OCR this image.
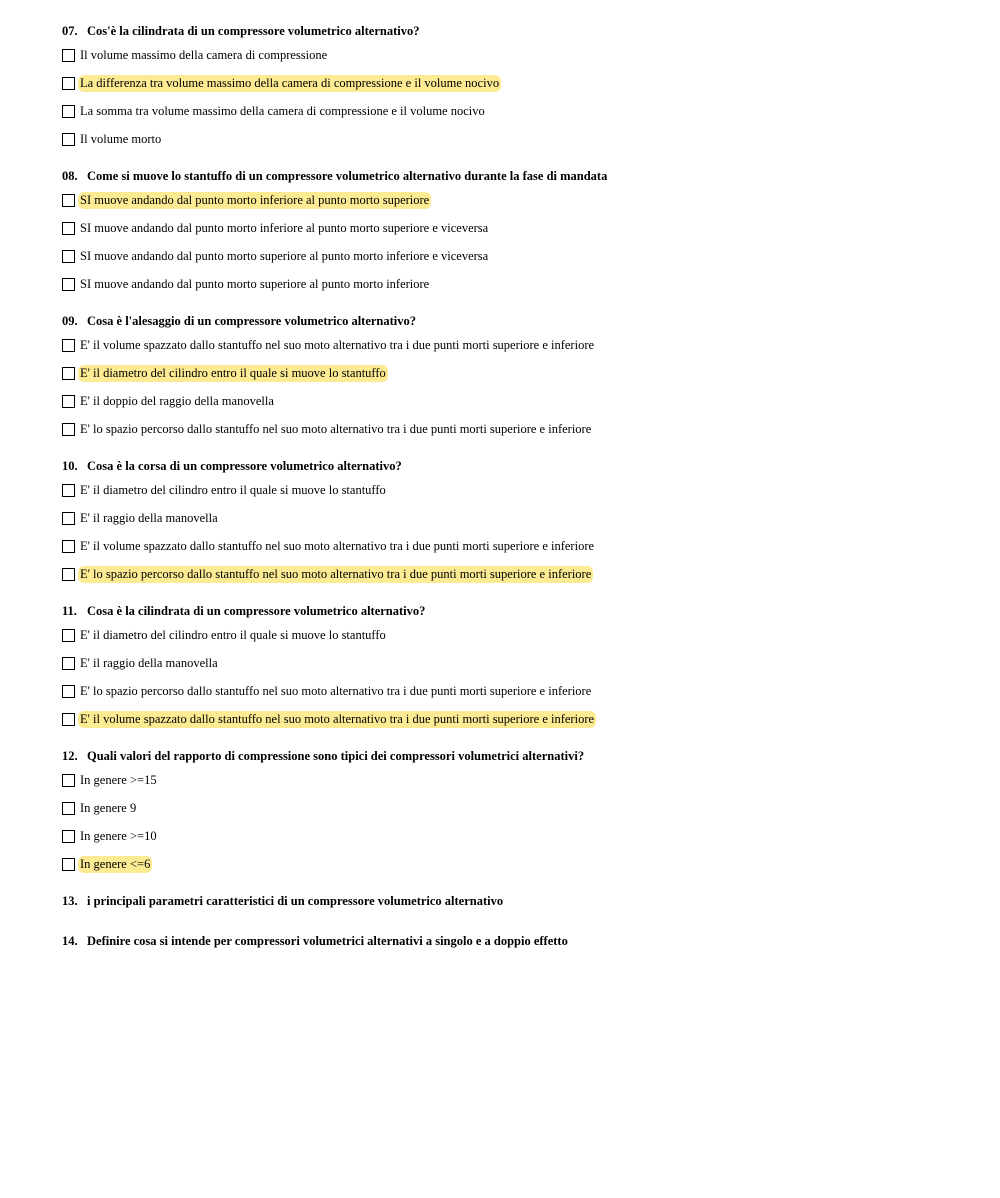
07. Cos'è la cilindrata di un compressore volumetrico alternativo?
Il volume massimo della camera di compressione
La differenza tra volume massimo della camera di compressione e il volume nocivo
La somma tra volume massimo della camera di compressione e il volume nocivo
Il volume morto
08. Come si muove lo stantuffo di un compressore volumetrico alternativo durante la fase di mandata
SI muove andando dal punto morto inferiore al punto morto superiore
SI muove andando dal punto morto inferiore al punto morto superiore e viceversa
SI muove andando dal punto morto superiore al punto morto inferiore e viceversa
SI muove andando dal punto morto superiore al punto morto inferiore
09. Cosa è l'alesaggio di un compressore volumetrico alternativo?
E' il volume spazzato dallo stantuffo nel suo moto alternativo tra i due punti morti superiore e inferiore
E' il diametro del cilindro entro il quale si muove lo stantuffo
E' il doppio del raggio della manovella
E' lo spazio percorso dallo stantuffo nel suo moto alternativo tra i due punti morti superiore e inferiore
10. Cosa è la corsa di un compressore volumetrico alternativo?
E' il diametro del cilindro entro il quale si muove lo stantuffo
E' il raggio della manovella
E' il volume spazzato dallo stantuffo nel suo moto alternativo tra i due punti morti superiore e inferiore
E' lo spazio percorso dallo stantuffo nel suo moto alternativo tra i due punti morti superiore e inferiore
11. Cosa è la cilindrata di un compressore volumetrico alternativo?
E' il diametro del cilindro entro il quale si muove lo stantuffo
E' il raggio della manovella
E' lo spazio percorso dallo stantuffo nel suo moto alternativo tra i due punti morti superiore e inferiore
E' il volume spazzato dallo stantuffo nel suo moto alternativo tra i due punti morti superiore e inferiore
12. Quali valori del rapporto di compressione sono tipici dei compressori volumetrici alternativi?
In genere >=15
In genere 9
In genere >=10
In genere <=6
13. i principali parametri caratteristici di un compressore volumetrico alternativo
14. Definire cosa si intende per compressori volumetrici alternativi a singolo e a doppio effetto
